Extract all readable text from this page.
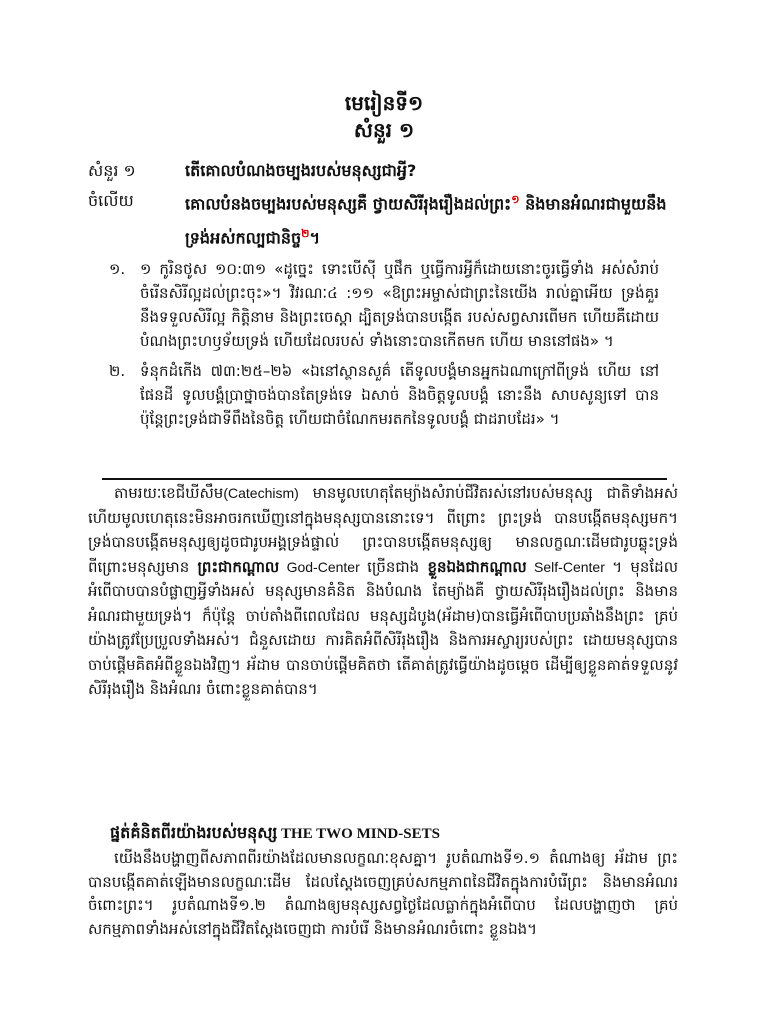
មេរៀនទី១
សំនួរ ១
សំនួរ ១	តើគោលបំណងចម្បងរបស់មនុស្សជាអ្វី?
ចំលើយ	គោលបំនងចម្បងរបស់មនុស្សគឺ ថ្វាយសិរីរុងរឿងដល់ព្រះ$^១$ និងមានអំណរជាមួយនឹង ទ្រង់អស់កល្បជានិច្ច$^២$។
១. ១ កូរិនថូស ១០:៣១ «ដូច្នេះ ទោះបើស៊ី ឬផឹក ឬធ្វើការអ្វីក៏ដោយនោះចូរធ្វើទាំង អស់សំរាប់ ចំរើនសិរីល្អដល់ព្រះចុះ»។ វិវរណៈ៤ :១១ «ឱព្រះអម្ចាស់ជាព្រះនៃយើង រាល់គ្នាអើយ ទ្រង់គួរ នឹងទទួលសិរីល្អ កិត្តិនាម និងព្រះចេស្តា ដ្បិតទ្រង់បានបង្កើត របស់សព្វសារពើមក ហើយគឺដោយបំណងព្រះហឫទ័យទ្រង់ ហើយដែលរបស់ ទាំងនោះបានកើតមក ហើយ មាននៅផង» ។
២. ទំនុកដំកើង ៧៣:២៥–២៦ «ឯនៅស្ថានសួគ៌ តើទូលបង្គំមានអ្នកឯណាក្រៅពីទ្រង់ ហើយ នៅផែនដី ទូលបង្គំប្រាថ្នាចង់បានតែទ្រង់ទេ ឯសាច់ និងចិត្តទូលបង្គំ នោះនឹង សាបសូន្យទៅ បាន ប៉ុន្តែព្រះទ្រង់ជាទីពឹងនៃចិត្ត ហើយជាចំណែកមរតកនៃទូលបង្គំ ជាដរាបដែរ» ។
តាមរយៈខេជីឃីសឹម(Catechism) មានមូលហេតុតែម្យ៉ាងសំរាប់ជីវិតរស់នៅរបស់មនុស្ស ជាតិទាំងអស់ ហើយមូលហេតុនេះមិនអាចរកឃើញនៅក្នុងមនុស្សបាននោះទេ។ ពីព្រោះ ព្រះទ្រង់ បានបង្កើតមនុស្សមក។ ទ្រង់បានបង្កើតមនុស្សឲ្យដូចជារូបអង្គទ្រង់ផ្ទាល់ ព្រះបានបង្កើតមនុស្សឲ្យ មានលក្ខណៈដើមជារូបឆ្លុះទ្រង់ ពីព្រោះមនុស្សមាន ព្រះជាកណ្តាល God-Center ច្រើនជាង ខ្លួនឯងជាកណ្តាល Self-Center ។ មុនដែលអំពើបាបបានបំផ្លាញអ្វីទាំងអស់ មនុស្សមានគំនិត និងបំណង តែម្យ៉ាងគឺ ថ្វាយសិរីរុងរឿងដល់ព្រះ និងមានអំណរជាមួយទ្រង់។ ក៏ប៉ុន្តែ ចាប់តាំងពីពេលដែល មនុស្សដំបូង(អ័ដាម)បានធ្វើអំពើបាបប្រឆាំងនឹងព្រះ គ្រប់យ៉ាងត្រូវប្រែប្រួលទាំងអស់។ ជំនួសដោយ ការគិតអំពីសិរីរុងរឿង និងការអស្ចារ្យរបស់ព្រះ ដោយមនុស្សបានចាប់ផ្តើមគិតអំពីខ្លួនឯងវិញ។ អ័ដាម បានចាប់ផ្តើមគិតថា តើគាត់ត្រូវធ្វើយ៉ាងដូចម្តេច ដើម្បីឲ្យខ្លួនគាត់ទទួលនូវសិរីរុងរឿង និងអំណរ ចំពោះខ្លួនគាត់បាន។
ផ្នត់គំនិតពីរយ៉ាងរបស់មនុស្ស THE TWO MIND-SETS
យើងនឹងបង្ហាញពីសភាពពីរយ៉ាងដែលមានលក្ខណៈខុសគ្នា។ រូបតំណាងទី១.១ តំណាងឲ្យ អ័ដាម ព្រះបានបង្កើតគាត់ឡើងមានលក្ខណៈដើម ដែលស្តែងចេញគ្រប់សកម្មភាពនៃជីវិតក្នុងការបំរើព្រះ និងមានអំណរចំពោះព្រះ។ រូបតំណាងទី១.២ តំណាងឲ្យមនុស្សសព្វថ្ងៃដែលធ្លាក់ក្នុងអំពើបាប ដែលបង្ហាញថា គ្រប់សកម្មភាពទាំងអស់នៅក្នុងជីវិតស្តែងចេញជា ការបំរើ និងមានអំណរចំពោះ ខ្លួនឯង។
